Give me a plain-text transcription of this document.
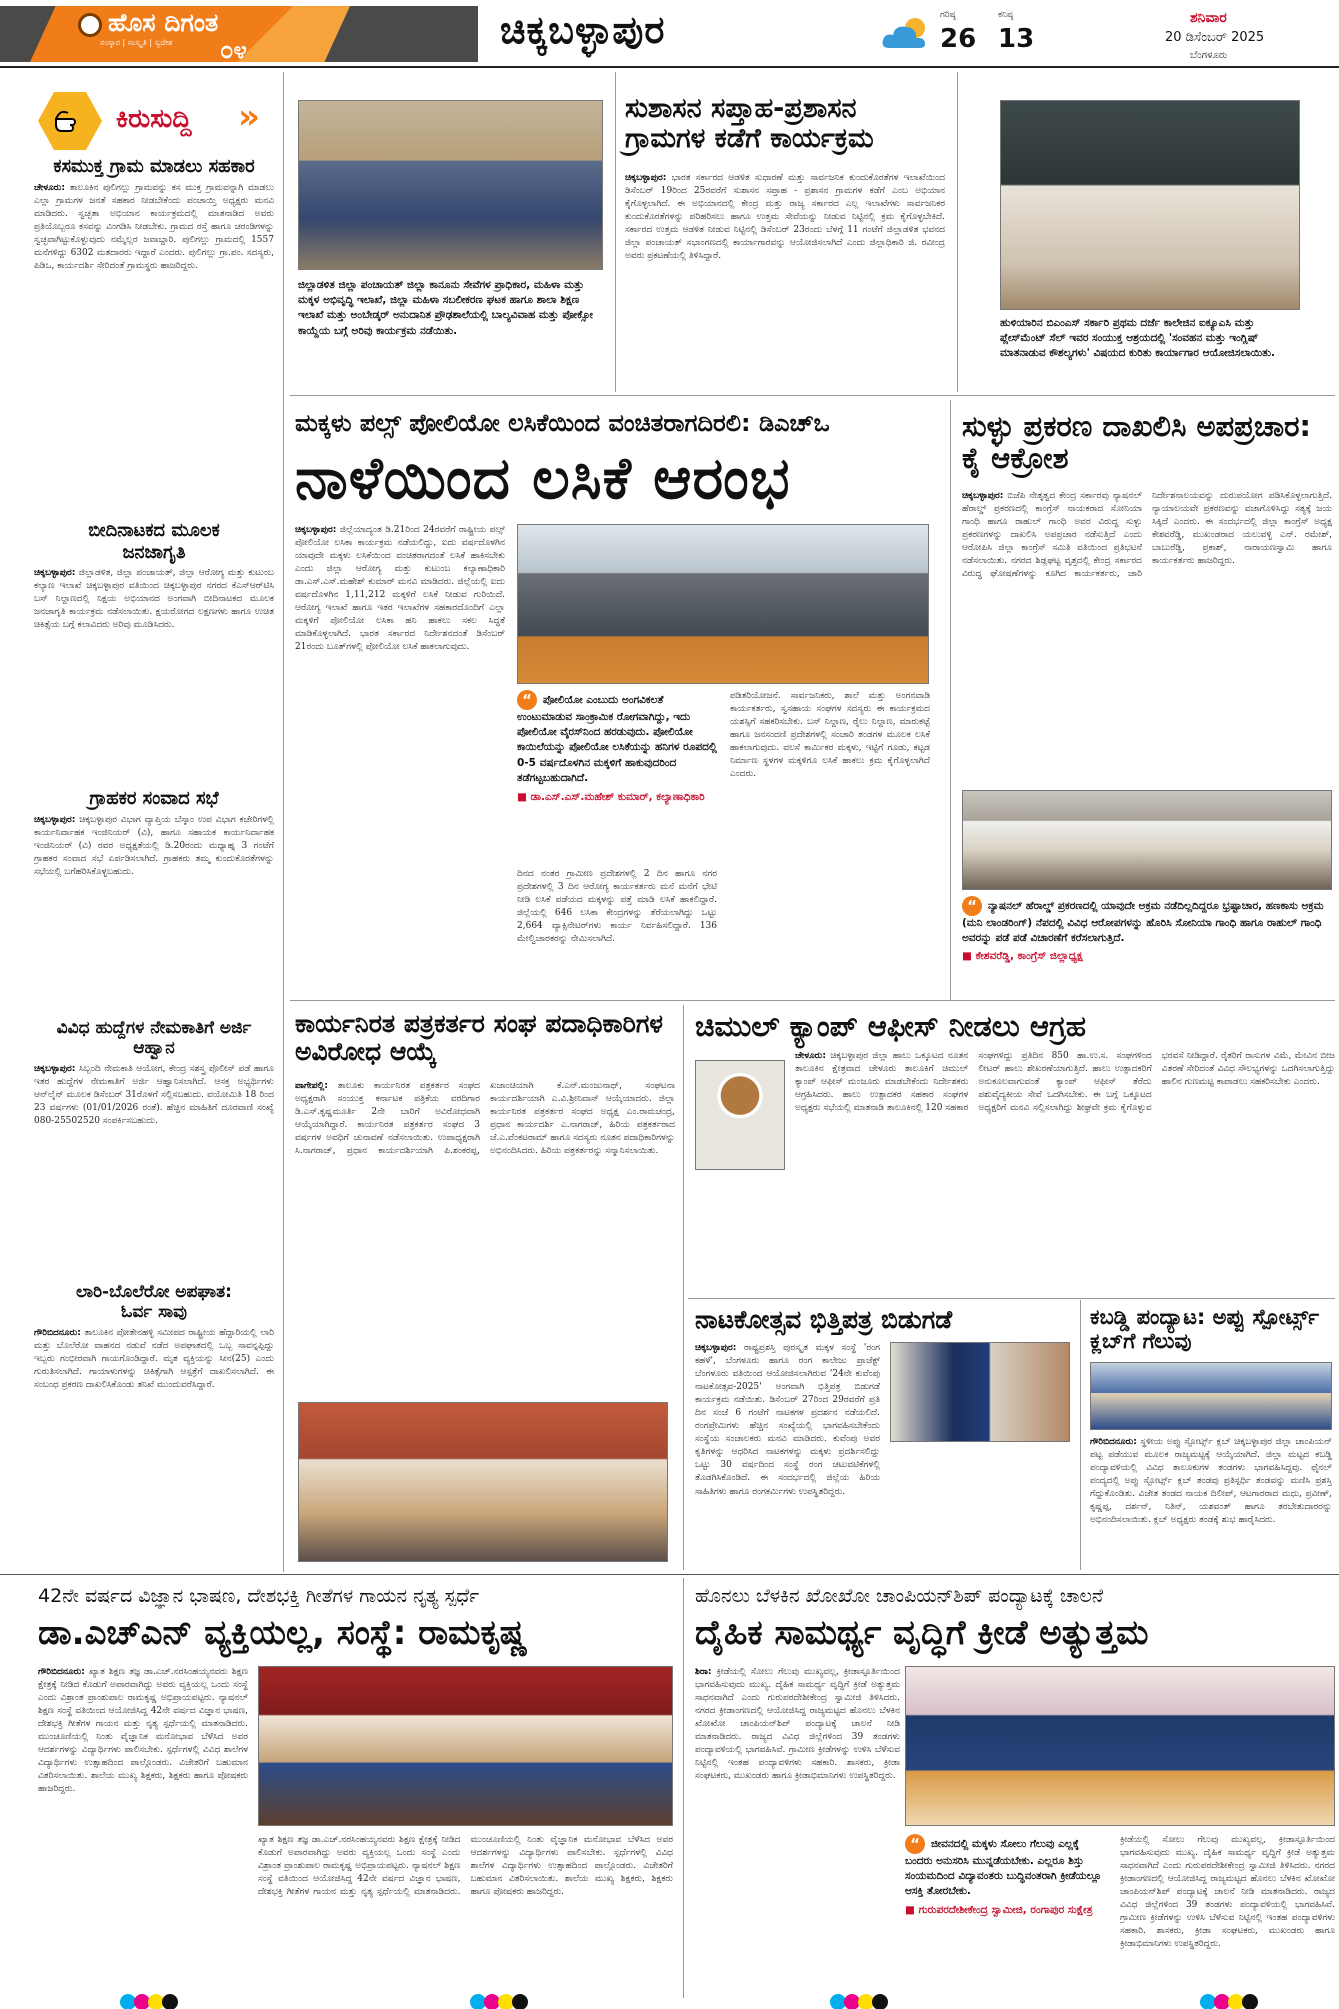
ಹೊಸ ದಿಗಂತ
ಸಂಸ್ಕಾರ | ಸಂಸ್ಕೃತಿ | ಸ್ವದೇಶ ೦೪	ಚಿಕ್ಕಬಳ್ಳಾಪುರ	ಗರಿಷ್ಠ
26
ಕನಿಷ್ಠ
13
ಶನಿವಾರ
20 ಡಿಸೆಂಬರ್ 2025
ಬೆಂಗಳೂರು
ಕಿರುಸುದ್ದಿ »
ಕಸಮುಕ್ತ ಗ್ರಾಮ ಮಾಡಲು ಸಹಕಾರ
ಚೇಳೂರು: ತಾಲೂಕಿನ ಪುಲಿಗಲ್ಲು ಗ್ರಾಮವನ್ನು ಕಸ ಮುಕ್ತ ಗ್ರಾಮವನ್ನಾಗಿ ಮಾಡಲು ಎಲ್ಲಾ ಗ್ರಾಮಗಳ ಜನತೆ ಸಹಕಾರ ನೀಡಬೇಕೆಂದು ಪಂಚಾಯ್ತಿ ಅಧ್ಯಕ್ಷರು ಮನವಿ ಮಾಡಿದರು. ಸ್ವಚ್ಛತಾ ಅಭಿಯಾನ ಕಾರ್ಯಕ್ರಮದಲ್ಲಿ ಮಾತನಾಡಿದ ಅವರು ಪ್ರತಿಯೊಬ್ಬರೂ ಕಸವನ್ನು ವಿಂಗಡಿಸಿ ನೀಡಬೇಕು. ಗ್ರಾಮದ ರಸ್ತೆ ಹಾಗೂ ಚರಂಡಿಗಳನ್ನು ಸ್ವಚ್ಛವಾಗಿಟ್ಟುಕೊಳ್ಳುವುದು ನಮ್ಮೆಲ್ಲರ ಜವಾಬ್ದಾರಿ. ಪುಲಿಗಲ್ಲು ಗ್ರಾಮದಲ್ಲಿ 1557 ಮನೆಗಳಿದ್ದು 6302 ಮತದಾರರು ಇದ್ದಾರೆ ಎಂದರು. ಪುಲಿಗಲ್ಲು ಗ್ರಾ.ಪಂ. ಸದಸ್ಯರು, ಪಿಡಿಒ, ಕಾರ್ಯದರ್ಶಿ ಸೇರಿದಂತೆ ಗ್ರಾಮಸ್ಥರು ಹಾಜರಿದ್ದರು.
ಬೀದಿನಾಟಕದ ಮೂಲಕ ಜನಜಾಗೃತಿ
ಚಿಕ್ಕಬಳ್ಳಾಪುರ: ಜಿಲ್ಲಾಡಳಿತ, ಜಿಲ್ಲಾ ಪಂಚಾಯತ್, ಜಿಲ್ಲಾ ಆರೋಗ್ಯ ಮತ್ತು ಕುಟುಂಬ ಕಲ್ಯಾಣ ಇಲಾಖೆ ಚಿಕ್ಕಬಳ್ಳಾಪುರ ವತಿಯಿಂದ ಚಿಕ್ಕಬಳ್ಳಾಪುರ ನಗರದ ಕೆಎಸ್ಆರ್‌ಟಿಸಿ ಬಸ್ ನಿಲ್ದಾಣದಲ್ಲಿ ನಿಕ್ಷಯ ಅಭಿಯಾನದ ಅಂಗವಾಗಿ ಬೀದಿನಾಟಕದ ಮೂಲಕ ಜನಜಾಗೃತಿ ಕಾರ್ಯಕ್ರಮ ನಡೆಸಲಾಯಿತು. ಕ್ಷಯರೋಗದ ಲಕ್ಷಣಗಳು ಹಾಗೂ ಉಚಿತ ಚಿಕಿತ್ಸೆಯ ಬಗ್ಗೆ ಕಲಾವಿದರು ಅರಿವು ಮೂಡಿಸಿದರು.
ಗ್ರಾಹಕರ ಸಂವಾದ ಸಭೆ
ಚಿಕ್ಕಬಳ್ಳಾಪುರ: ಚಿಕ್ಕಬಳ್ಳಾಪುರ ವಿಭಾಗ ವ್ಯಾಪ್ತಿಯ ಬೆಸ್ಕಾಂ ಉಪ ವಿಭಾಗ ಕಚೇರಿಗಳಲ್ಲಿ ಕಾರ್ಯನಿರ್ವಾಹಕ ಇಂಜಿನಿಯರ್ (ವಿ), ಹಾಗೂ ಸಹಾಯಕ ಕಾರ್ಯನಿರ್ವಾಹಕ ಇಂಜಿನಿಯರ್ (ವಿ) ರವರ ಅಧ್ಯಕ್ಷತೆಯಲ್ಲಿ ಡಿ.20ರಂದು ಮಧ್ಯಾಹ್ನ 3 ಗಂಟೆಗೆ ಗ್ರಾಹಕರ ಸಂವಾದ ಸಭೆ ಏರ್ಪಡಿಸಲಾಗಿದೆ. ಗ್ರಾಹಕರು ತಮ್ಮ ಕುಂದುಕೊರತೆಗಳನ್ನು ಸಭೆಯಲ್ಲಿ ಬಗೆಹರಿಸಿಕೊಳ್ಳಬಹುದು.
ವಿವಿಧ ಹುದ್ದೆಗಳ ನೇಮಕಾತಿಗೆ ಅರ್ಜಿ ಆಹ್ವಾನ
ಚಿಕ್ಕಬಳ್ಳಾಪುರ: ಸಿಬ್ಬಂದಿ ನೇಮಕಾತಿ ಆಯೋಗ, ಕೇಂದ್ರ ಸಶಸ್ತ್ರ ಪೊಲೀಸ್ ಪಡೆ ಹಾಗೂ ಇತರ ಹುದ್ದೆಗಳ ನೇಮಕಾತಿಗೆ ಅರ್ಜಿ ಆಹ್ವಾನಿಸಲಾಗಿದೆ. ಆಸಕ್ತ ಅಭ್ಯರ್ಥಿಗಳು ಆನ್‌ಲೈನ್ ಮೂಲಕ ಡಿಸೆಂಬರ್ 31ರೊಳಗೆ ಸಲ್ಲಿಸಬಹುದು. ವಯೋಮಿತಿ 18 ರಿಂದ 23 ವರ್ಷಗಳು (01/01/2026 ರಂತೆ). ಹೆಚ್ಚಿನ ಮಾಹಿತಿಗೆ ದೂರವಾಣಿ ಸಂಖ್ಯೆ 080-25502520 ಸಂಪರ್ಕಿಸಬಹುದು.
ಲಾರಿ-ಬೊಲೆರೋ ಅಪಘಾತ: ಓರ್ವ ಸಾವು
ಗೌರಿಬಿದನೂರು: ತಾಲೂಕಿನ ಪೋತೇನಹಳ್ಳಿ ಸಮೀಪದ ರಾಷ್ಟ್ರೀಯ ಹೆದ್ದಾರಿಯಲ್ಲಿ ಲಾರಿ ಮತ್ತು ಬೊಲೆರೋ ವಾಹನದ ನಡುವೆ ನಡೆದ ಅಪಘಾತದಲ್ಲಿ ಒಬ್ಬ ಸಾವನ್ನಪ್ಪಿದ್ದು ಇಬ್ಬರು ಗಂಭೀರವಾಗಿ ಗಾಯಗೊಂಡಿದ್ದಾರೆ. ಮೃತ ವ್ಯಕ್ತಿಯನ್ನು ಸೀನ(25) ಎಂದು ಗುರುತಿಸಲಾಗಿದೆ. ಗಾಯಾಳುಗಳನ್ನು ಚಿಕಿತ್ಸೆಗಾಗಿ ಆಸ್ಪತ್ರೆಗೆ ದಾಖಲಿಸಲಾಗಿದೆ. ಈ ಸಂಬಂಧ ಪ್ರಕರಣ ದಾಖಲಿಸಿಕೊಂಡು ತನಿಖೆ ಮುಂದುವರೆಸಿದ್ದಾರೆ.
ಜಿಲ್ಲಾಡಳಿತ ಜಿಲ್ಲಾ ಪಂಚಾಯತ್ ಜಿಲ್ಲಾ ಕಾನೂನು ಸೇವೆಗಳ ಪ್ರಾಧಿಕಾರ, ಮಹಿಳಾ ಮತ್ತು ಮಕ್ಕಳ ಅಭಿವೃದ್ಧಿ ಇಲಾಖೆ, ಜಿಲ್ಲಾ ಮಹಿಳಾ ಸಬಲೀಕರಣ ಘಟಕ ಹಾಗೂ ಶಾಲಾ ಶಿಕ್ಷಣ ಇಲಾಖೆ ಮತ್ತು ಅಂಬೇಡ್ಕರ್ ಅನುದಾನಿತ ಪ್ರೌಢಶಾಲೆಯಲ್ಲಿ ಬಾಲ್ಯವಿವಾಹ ಮತ್ತು ಪೋಕ್ಸೋ ಕಾಯ್ದೆಯ ಬಗ್ಗೆ ಅರಿವು ಕಾರ್ಯಕ್ರಮ ನಡೆಯಿತು.
ಸುಶಾಸನ ಸಪ್ತಾಹ-ಪ್ರಶಾಸನ ಗ್ರಾಮಗಳ ಕಡೆಗೆ ಕಾರ್ಯಕ್ರಮ
ಚಿಕ್ಕಬಳ್ಳಾಪುರ: ಭಾರತ ಸರ್ಕಾರದ ಆಡಳಿತ ಸುಧಾರಣೆ ಮತ್ತು ಸಾರ್ವಜನಿಕ ಕುಂದುಕೊರತೆಗಳ ಇಲಾಖೆಯಿಂದ ಡಿಸೆಂಬರ್ 19ರಿಂದ 25ರವರೆಗೆ ಸುಶಾಸನ ಸಪ್ತಾಹ - ಪ್ರಶಾಸನ ಗ್ರಾಮಗಳ ಕಡೆಗೆ ಎಂಬ ಅಭಿಯಾನ ಕೈಗೊಳ್ಳಲಾಗಿದೆ. ಈ ಅಭಿಯಾನದಲ್ಲಿ ಕೇಂದ್ರ ಮತ್ತು ರಾಜ್ಯ ಸರ್ಕಾರದ ಎಲ್ಲ ಇಲಾಖೆಗಳು ಸಾರ್ವಜನಿಕರ ಕುಂದುಕೊರತೆಗಳನ್ನು ಪರಿಹರಿಸಲು ಹಾಗೂ ಉತ್ತಮ ಸೇವೆಯನ್ನು ನೀಡುವ ನಿಟ್ಟಿನಲ್ಲಿ ಕ್ರಮ ಕೈಗೊಳ್ಳಬೇಕಿದೆ. ಸರ್ಕಾರದ ಉತ್ತಮ ಆಡಳಿತ ನೀಡುವ ನಿಟ್ಟಿನಲ್ಲಿ ಡಿಸೆಂಬರ್ 23ರಂದು ಬೆಳಗ್ಗೆ 11 ಗಂಟೆಗೆ ಜಿಲ್ಲಾಡಳಿತ ಭವನದ ಜಿಲ್ಲಾ ಪಂಚಾಯತ್ ಸಭಾಂಗಣದಲ್ಲಿ ಕಾರ್ಯಾಗಾರವನ್ನು ಆಯೋಜಿಸಲಾಗಿದೆ ಎಂದು ಜಿಲ್ಲಾಧಿಕಾರಿ ಜಿ. ರವೀಂದ್ರ ಅವರು ಪ್ರಕಟಣೆಯಲ್ಲಿ ತಿಳಿಸಿದ್ದಾರೆ.
ಹುಳಿಯಾರಿನ ಬಿಎಂಎಸ್ ಸರ್ಕಾರಿ ಪ್ರಥಮ ದರ್ಜೆ ಕಾಲೇಜಿನ ಐಕ್ಯೂಎಸಿ ಮತ್ತು ಪ್ಲೇಸ್‌ಮೆಂಟ್ ಸೆಲ್ ಇವರ ಸಂಯುಕ್ತ ಆಶ್ರಯದಲ್ಲಿ 'ಸಂವಹನ ಮತ್ತು ಇಂಗ್ಲಿಷ್ ಮಾತನಾಡುವ ಕೌಶಲ್ಯಗಳು' ವಿಷಯದ ಕುರಿತು ಕಾರ್ಯಾಗಾರ ಆಯೋಜಿಸಲಾಯಿತು.
ಮಕ್ಕಳು ಪಲ್ಸ್ ಪೋಲಿಯೋ ಲಸಿಕೆಯಿಂದ ವಂಚಿತರಾಗದಿರಲಿ: ಡಿಎಚ್ಒ
ನಾಳೆಯಿಂದ ಲಸಿಕೆ ಆರಂಭ
ಚಿಕ್ಕಬಳ್ಳಾಪುರ: ಜಿಲ್ಲೆಯಾದ್ಯಂತ ಡಿ.21ರಿಂದ 24ರವರೆಗೆ ರಾಷ್ಟ್ರೀಯ ಪಲ್ಸ್ ಪೋಲಿಯೋ ಲಸಿಕಾ ಕಾರ್ಯಕ್ರಮ ನಡೆಯಲಿದ್ದು, ಐದು ವರ್ಷದೊಳಗಿನ ಯಾವುದೇ ಮಕ್ಕಳು ಲಸಿಕೆಯಿಂದ ವಂಚಿತರಾಗದಂತೆ ಲಸಿಕೆ ಹಾಕಿಸಬೇಕು ಎಂದು ಜಿಲ್ಲಾ ಆರೋಗ್ಯ ಮತ್ತು ಕುಟುಂಬ ಕಲ್ಯಾಣಾಧಿಕಾರಿ ಡಾ.ಎಸ್.ಎಸ್.ಮಹೇಶ್ ಕುಮಾರ್ ಮನವಿ ಮಾಡಿದರು. ಜಿಲ್ಲೆಯಲ್ಲಿ ಐದು ವರ್ಷದೊಳಗಿನ 1,11,212 ಮಕ್ಕಳಿಗೆ ಲಸಿಕೆ ನೀಡುವ ಗುರಿಯಿದೆ. ಆರೋಗ್ಯ ಇಲಾಖೆ ಹಾಗೂ ಇತರ ಇಲಾಖೆಗಳ ಸಹಕಾರದೊಂದಿಗೆ ಎಲ್ಲಾ ಮಕ್ಕಳಿಗೆ ಪೋಲಿಯೋ ಲಸಿಕಾ ಹನಿ ಹಾಕಲು ಸಕಲ ಸಿದ್ಧತೆ ಮಾಡಿಕೊಳ್ಳಲಾಗಿದೆ. ಭಾರತ ಸರ್ಕಾರದ ನಿರ್ದೇಶನದಂತೆ ಡಿಸೆಂಬರ್ 21ರಂದು ಬೂತ್‌ಗಳಲ್ಲಿ ಪೋಲಿಯೋ ಲಸಿಕೆ ಹಾಕಲಾಗುವುದು.
“ ಪೋಲಿಯೋ ಎಂಬುದು ಅಂಗವಿಕಲತೆ ಉಂಟುಮಾಡುವ ಸಾಂಕ್ರಾಮಿಕ ರೋಗವಾಗಿದ್ದು, ಇದು ಪೋಲಿಯೋ ವೈರಸ್‌ನಿಂದ ಹರಡುವುದು. ಪೋಲಿಯೋ ಕಾಯಿಲೆಯನ್ನು ಪೋಲಿಯೋ ಲಸಿಕೆಯನ್ನು ಹನಿಗಳ ರೂಪದಲ್ಲಿ 0-5 ವರ್ಷದೊಳಗಿನ ಮಕ್ಕಳಿಗೆ ಹಾಕುವುದರಿಂದ ತಡೆಗಟ್ಟಬಹುದಾಗಿದೆ.
■ ಡಾ.ಎಸ್.ಎಸ್.ಮಹೇಶ್ ಕುಮಾರ್, ಕಲ್ಯಾಣಾಧಿಕಾರಿ
ದಿನದ ನಂತರ ಗ್ರಾಮೀಣ ಪ್ರದೇಶಗಳಲ್ಲಿ 2 ದಿನ ಹಾಗೂ ನಗರ ಪ್ರದೇಶಗಳಲ್ಲಿ 3 ದಿನ ಆರೋಗ್ಯ ಕಾರ್ಯಕರ್ತರು ಮನೆ ಮನೆಗೆ ಭೇಟಿ ನೀಡಿ ಲಸಿಕೆ ಪಡೆಯದ ಮಕ್ಕಳನ್ನು ಪತ್ತೆ ಮಾಡಿ ಲಸಿಕೆ ಹಾಕಲಿದ್ದಾರೆ. ಜಿಲ್ಲೆಯಲ್ಲಿ 646 ಲಸಿಕಾ ಕೇಂದ್ರಗಳನ್ನು ತೆರೆಯಲಾಗಿದ್ದು ಒಟ್ಟು 2,664 ವ್ಯಾಕ್ಸಿನೇಟರ್‌ಗಳು ಕಾರ್ಯ ನಿರ್ವಹಿಸಲಿದ್ದಾರೆ. 136 ಮೇಲ್ವಿಚಾರಕರನ್ನು ನೇಮಿಸಲಾಗಿದೆ.
ಪಡಿತರಿಯೋಜನೆ. ಸಾರ್ವಜನಿಕರು, ಶಾಲೆ ಮತ್ತು ಅಂಗನವಾಡಿ ಕಾರ್ಯಕರ್ತರು, ಸ್ವಸಹಾಯ ಸಂಘಗಳ ಸದಸ್ಯರು ಈ ಕಾರ್ಯಕ್ರಮದ ಯಶಸ್ಸಿಗೆ ಸಹಕರಿಸಬೇಕು. ಬಸ್ ನಿಲ್ದಾಣ, ರೈಲು ನಿಲ್ದಾಣ, ಮಾರುಕಟ್ಟೆ ಹಾಗೂ ಜನಸಂದಣಿ ಪ್ರದೇಶಗಳಲ್ಲಿ ಸಂಚಾರಿ ತಂಡಗಳ ಮೂಲಕ ಲಸಿಕೆ ಹಾಕಲಾಗುವುದು. ವಲಸೆ ಕಾರ್ಮಿಕರ ಮಕ್ಕಳು, ಇಟ್ಟಿಗೆ ಗೂಡು, ಕಟ್ಟಡ ನಿರ್ಮಾಣ ಸ್ಥಳಗಳ ಮಕ್ಕಳಿಗೂ ಲಸಿಕೆ ಹಾಕಲು ಕ್ರಮ ಕೈಗೊಳ್ಳಲಾಗಿದೆ ಎಂದರು.
ಸುಳ್ಳು ಪ್ರಕರಣ ದಾಖಲಿಸಿ ಅಪಪ್ರಚಾರ: ಕೈ ಆಕ್ರೋಶ
ಚಿಕ್ಕಬಳ್ಳಾಪುರ: ಬಿಜೆಪಿ ನೇತೃತ್ವದ ಕೇಂದ್ರ ಸರ್ಕಾರವು ನ್ಯಾಷನಲ್ ಹೆರಾಲ್ಡ್ ಪ್ರಕರಣದಲ್ಲಿ ಕಾಂಗ್ರೆಸ್ ನಾಯಕರಾದ ಸೋನಿಯಾ ಗಾಂಧಿ ಹಾಗೂ ರಾಹುಲ್ ಗಾಂಧಿ ಅವರ ವಿರುದ್ಧ ಸುಳ್ಳು ಪ್ರಕರಣಗಳನ್ನು ದಾಖಲಿಸಿ ಅಪಪ್ರಚಾರ ನಡೆಸುತ್ತಿದೆ ಎಂದು ಆರೋಪಿಸಿ ಜಿಲ್ಲಾ ಕಾಂಗ್ರೆಸ್ ಸಮಿತಿ ವತಿಯಿಂದ ಪ್ರತಿಭಟನೆ ನಡೆಸಲಾಯಿತು. ನಗರದ ಶಿಡ್ಲಘಟ್ಟ ವೃತ್ತದಲ್ಲಿ ಕೇಂದ್ರ ಸರ್ಕಾರದ ವಿರುದ್ಧ ಘೋಷಣೆಗಳನ್ನು ಕೂಗಿದ ಕಾರ್ಯಕರ್ತರು, ಜಾರಿ ನಿರ್ದೇಶನಾಲಯವನ್ನು ದುರುಪಯೋಗ ಪಡಿಸಿಕೊಳ್ಳಲಾಗುತ್ತಿದೆ. ನ್ಯಾಯಾಲಯವೇ ಪ್ರಕರಣವನ್ನು ವಜಾಗೊಳಿಸಿದ್ದು ಸತ್ಯಕ್ಕೆ ಜಯ ಸಿಕ್ಕಿದೆ ಎಂದರು. ಈ ಸಂದರ್ಭದಲ್ಲಿ ಜಿಲ್ಲಾ ಕಾಂಗ್ರೆಸ್ ಅಧ್ಯಕ್ಷ ಕೇಶವರೆಡ್ಡಿ, ಮುಖಂಡರಾದ ಯಲುವಳ್ಳಿ ಎನ್. ರಮೇಶ್, ಬಾಬುರೆಡ್ಡಿ, ಪ್ರಕಾಶ್, ನಾರಾಯಣಸ್ವಾಮಿ ಹಾಗೂ ಕಾರ್ಯಕರ್ತರು ಹಾಜರಿದ್ದರು.
“ ನ್ಯಾಷನಲ್ ಹೆರಾಲ್ಡ್ ಪ್ರಕರಣದಲ್ಲಿ ಯಾವುದೇ ಅಕ್ರಮ ನಡೆದಿಲ್ಲದಿದ್ದರೂ ಭ್ರಷ್ಟಾಚಾರ, ಹಣಕಾಸು ಅಕ್ರಮ (ಮನಿ ಲಾಂಡರಿಂಗ್) ನೆಪದಲ್ಲಿ ವಿವಿಧ ಆರೋಪಗಳನ್ನು ಹೊರಿಸಿ ಸೋನಿಯಾ ಗಾಂಧಿ ಹಾಗೂ ರಾಹುಲ್ ಗಾಂಧಿ ಅವರನ್ನು ಪಡೆ ಪಡೆ ವಿಚಾರಣೆಗೆ ಕರೆಸಲಾಗುತ್ತಿದೆ.
■ ಕೇಶವರೆಡ್ಡಿ, ಕಾಂಗ್ರೆಸ್ ಜಿಲ್ಲಾಧ್ಯಕ್ಷ
ಕಾರ್ಯನಿರತ ಪತ್ರಕರ್ತರ ಸಂಘ ಪದಾಧಿಕಾರಿಗಳ ಅವಿರೋಧ ಆಯ್ಕೆ
ಪಾಗೇಪಲ್ಲಿ: ತಾಲೂಕು ಕಾರ್ಯನಿರತ ಪತ್ರಕರ್ತರ ಸಂಘದ ಅಧ್ಯಕ್ಷರಾಗಿ ಸಂಯುಕ್ತ ಕರ್ನಾಟಕ ಪತ್ರಿಕೆಯ ವರದಿಗಾರ ಡಿ.ಎಸ್.ಕೃಷ್ಣಮೂರ್ತಿ 2ನೇ ಬಾರಿಗೆ ಅವಿರೋಧವಾಗಿ ಆಯ್ಕೆಯಾಗಿದ್ದಾರೆ. ಕಾರ್ಯನಿರತ ಪತ್ರಕರ್ತರ ಸಂಘದ 3 ವರ್ಷಗಳ ಅವಧಿಗೆ ಚುನಾವಣೆ ನಡೆಸಲಾಯಿತು. ಉಪಾಧ್ಯಕ್ಷರಾಗಿ ಸಿ.ನಾಗರಾಜ್, ಪ್ರಧಾನ ಕಾರ್ಯದರ್ಶಿಯಾಗಿ ಪಿ.ಶಂಕರಪ್ಪ, ಖಜಾಂಚಿಯಾಗಿ ಕೆ.ಎನ್.ಮಂಜುನಾಥ್, ಸಂಘಟನಾ ಕಾರ್ಯದರ್ಶಿಯಾಗಿ ಎ.ವಿ.ಶ್ರೀನಿವಾಸ್ ಆಯ್ಕೆಯಾದರು. ಜಿಲ್ಲಾ ಕಾರ್ಯನಿರತ ಪತ್ರಕರ್ತರ ಸಂಘದ ಅಧ್ಯಕ್ಷ ಎಂ.ರಾಮಚಂದ್ರ, ಪ್ರಧಾನ ಕಾರ್ಯದರ್ಶಿ ಎ.ನಾಗರಾಜ್, ಹಿರಿಯ ಪತ್ರಕರ್ತರಾದ ಜೆ.ಎ.ವೆಂಕಟರಾಮ್ ಹಾಗೂ ಸದಸ್ಯರು ನೂತನ ಪದಾಧಿಕಾರಿಗಳನ್ನು ಅಭಿನಂದಿಸಿದರು. ಹಿರಿಯ ಪತ್ರಕರ್ತರನ್ನು ಸನ್ಮಾನಿಸಲಾಯಿತು.
ಚಿಮುಲ್ ಕ್ಯಾಂಪ್ ಆಫೀಸ್ ನೀಡಲು ಆಗ್ರಹ
ಚೇಳೂರು: ಚಿಕ್ಕಬಳ್ಳಾಪುರ ಜಿಲ್ಲಾ ಹಾಲು ಒಕ್ಕೂಟದ ನೂತನ ತಾಲೂಕಿನ ಕ್ಷೇತ್ರವಾದ ಚೇಳೂರು ತಾಲೂಕಿಗೆ ಚಿಮುಲ್ ಕ್ಯಾಂಪ್ ಆಫೀಸ್ ಮಂಜೂರು ಮಾಡಬೇಕೆಂದು ನಿರ್ದೇಶಕರು ಆಗ್ರಹಿಸಿದರು. ಹಾಲು ಉತ್ಪಾದಕರ ಸಹಕಾರ ಸಂಘಗಳ ಅಧ್ಯಕ್ಷರು ಸಭೆಯಲ್ಲಿ ಮಾತನಾಡಿ ತಾಲೂಕಿನಲ್ಲಿ 120 ಸಹಕಾರ ಸಂಘಗಳಿದ್ದು ಪ್ರತಿದಿನ 850 ಹಾ.ಉ.ಸ. ಸಂಘಗಳಿಂದ ಲೀಟರ್ ಹಾಲು ಶೇಖರಣೆಯಾಗುತ್ತಿದೆ. ಹಾಲು ಉತ್ಪಾದಕರಿಗೆ ಅನುಕೂಲವಾಗುವಂತೆ ಕ್ಯಾಂಪ್ ಆಫೀಸ್ ತೆರೆದು ಪಶುವೈದ್ಯಕೀಯ ಸೇವೆ ಒದಗಿಸಬೇಕು. ಈ ಬಗ್ಗೆ ಒಕ್ಕೂಟದ ಅಧ್ಯಕ್ಷರಿಗೆ ಮನವಿ ಸಲ್ಲಿಸಲಾಗಿದ್ದು ಶೀಘ್ರವೇ ಕ್ರಮ ಕೈಗೊಳ್ಳುವ ಭರವಸೆ ನೀಡಿದ್ದಾರೆ. ರೈತರಿಗೆ ರಾಸುಗಳ ವಿಮೆ, ಮೇವಿನ ಬೀಜ ವಿತರಣೆ ಸೇರಿದಂತೆ ವಿವಿಧ ಸೌಲಭ್ಯಗಳನ್ನು ಒದಗಿಸಲಾಗುತ್ತಿದ್ದು ಹಾಲಿನ ಗುಣಮಟ್ಟ ಕಾಪಾಡಲು ಸಹಕರಿಸಬೇಕು ಎಂದರು.
ನಾಟಕೋತ್ಸವ ಭಿತ್ತಿಪತ್ರ ಬಿಡುಗಡೆ
ಚಿಕ್ಕಬಳ್ಳಾಪುರ: ರಾಷ್ಟ್ರಪ್ರಶಸ್ತಿ ಪುರಸ್ಕೃತ ಮಕ್ಕಳ ಸಂಸ್ಥೆ 'ರಂಗ ಕಹಳೆ', ಬೆಂಗಳೂರು ಹಾಗೂ ರಂಗ ಕಾಲೇಜು ಪ್ರಾಜೆಕ್ಟ್ ಬೆಂಗಳೂರು ವತಿಯಿಂದ ಆಯೋಜಿಸಲಾಗಿರುವ '24ನೇ ಕುವೆಂಪು ನಾಟಕೋತ್ಸವ-2025' ಅಂಗವಾಗಿ ಭಿತ್ತಿಪತ್ರ ಬಿಡುಗಡೆ ಕಾರ್ಯಕ್ರಮ ನಡೆಯಿತು. ಡಿಸೆಂಬರ್ 27ರಿಂದ 29ರವರೆಗೆ ಪ್ರತಿ ದಿನ ಸಂಜೆ 6 ಗಂಟೆಗೆ ನಾಟಕಗಳ ಪ್ರದರ್ಶನ ನಡೆಯಲಿದೆ. ರಂಗಪ್ರೇಮಿಗಳು ಹೆಚ್ಚಿನ ಸಂಖ್ಯೆಯಲ್ಲಿ ಭಾಗವಹಿಸಬೇಕೆಂದು ಸಂಸ್ಥೆಯ ಸಂಚಾಲಕರು ಮನವಿ ಮಾಡಿದರು. ಕುವೆಂಪು ಅವರ ಕೃತಿಗಳನ್ನು ಆಧರಿಸಿದ ನಾಟಕಗಳನ್ನು ಮಕ್ಕಳು ಪ್ರದರ್ಶಿಸಲಿದ್ದು ಒಟ್ಟು 30 ವರ್ಷದಿಂದ ಸಂಸ್ಥೆ ರಂಗ ಚಟುವಟಿಕೆಗಳಲ್ಲಿ ತೊಡಗಿಸಿಕೊಂಡಿದೆ. ಈ ಸಂದರ್ಭದಲ್ಲಿ ಜಿಲ್ಲೆಯ ಹಿರಿಯ ಸಾಹಿತಿಗಳು ಹಾಗೂ ರಂಗಕರ್ಮಿಗಳು ಉಪಸ್ಥಿತರಿದ್ದರು.
ಕಬಡ್ಡಿ ಪಂದ್ಯಾಟ: ಅಪ್ಪು ಸ್ಪೋರ್ಟ್ಸ್ ಕ್ಲಬ್‌ಗೆ ಗೆಲುವು
ಗೌರಿಬಿದನೂರು: ಸ್ಥಳೀಯ ಅಪ್ಪು ಸ್ಪೋರ್ಟ್ಸ್ ಕ್ಲಬ್ ಚಿಕ್ಕಬಳ್ಳಾಪುರ ಜಿಲ್ಲಾ ಚಾಂಪಿಯನ್ ಪಟ್ಟ ಪಡೆಯುವ ಮೂಲಕ ರಾಜ್ಯಮಟ್ಟಕ್ಕೆ ಆಯ್ಕೆಯಾಗಿದೆ. ಜಿಲ್ಲಾ ಮಟ್ಟದ ಕಬಡ್ಡಿ ಪಂದ್ಯಾವಳಿಯಲ್ಲಿ ವಿವಿಧ ತಾಲೂಕುಗಳ ತಂಡಗಳು ಭಾಗವಹಿಸಿದ್ದವು. ಫೈನಲ್ ಪಂದ್ಯದಲ್ಲಿ ಅಪ್ಪು ಸ್ಪೋರ್ಟ್ಸ್ ಕ್ಲಬ್ ತಂಡವು ಪ್ರತಿಸ್ಪರ್ಧಿ ತಂಡವನ್ನು ಮಣಿಸಿ ಪ್ರಶಸ್ತಿ ಗೆದ್ದುಕೊಂಡಿತು. ವಿಜೇತ ತಂಡದ ನಾಯಕ ದಿಲೀಪ್, ಆಟಗಾರರಾದ ಮಧು, ಪ್ರವೀಣ್, ಕೃಷ್ಣಪ್ಪ, ದರ್ಶನ್, ನಿತಿನ್, ಯಶವಂತ್ ಹಾಗೂ ತರಬೇತುದಾರರನ್ನು ಅಭಿನಂದಿಸಲಾಯಿತು. ಕ್ಲಬ್ ಅಧ್ಯಕ್ಷರು ತಂಡಕ್ಕೆ ಶುಭ ಹಾರೈಸಿದರು.
42ನೇ ವರ್ಷದ ವಿಜ್ಞಾನ ಭಾಷಣ, ದೇಶಭಕ್ತಿ ಗೀತೆಗಳ ಗಾಯನ ನೃತ್ಯ ಸ್ಪರ್ಧೆ
ಡಾ.ಎಚ್ಎನ್ ವ್ಯಕ್ತಿಯಲ್ಲ, ಸಂಸ್ಥೆ: ರಾಮಕೃಷ್ಣ
ಗೌರಿಬಿದನೂರು: ಖ್ಯಾತ ಶಿಕ್ಷಣ ತಜ್ಞ ಡಾ.ಎಚ್.ನರಸಿಂಹಯ್ಯನವರು ಶಿಕ್ಷಣ ಕ್ಷೇತ್ರಕ್ಕೆ ನೀಡಿದ ಕೊಡುಗೆ ಅಪಾರವಾಗಿದ್ದು ಅವರು ವ್ಯಕ್ತಿಯಲ್ಲ ಒಂದು ಸಂಸ್ಥೆ ಎಂದು ವಿಶ್ರಾಂತ ಪ್ರಾಂಶುಪಾಲ ರಾಮಕೃಷ್ಣ ಅಭಿಪ್ರಾಯಪಟ್ಟರು. ನ್ಯಾಷನಲ್ ಶಿಕ್ಷಣ ಸಂಸ್ಥೆ ವತಿಯಿಂದ ಆಯೋಜಿಸಿದ್ದ 42ನೇ ವರ್ಷದ ವಿಜ್ಞಾನ ಭಾಷಣ, ದೇಶಭಕ್ತಿ ಗೀತೆಗಳ ಗಾಯನ ಮತ್ತು ನೃತ್ಯ ಸ್ಪರ್ಧೆಯಲ್ಲಿ ಮಾತನಾಡಿದರು. ಮುಂಚೂಣಿಯಲ್ಲಿ ನಿಂತು ವೈಜ್ಞಾನಿಕ ಮನೋಭಾವ ಬೆಳೆಸಿದ ಅವರ ಆದರ್ಶಗಳನ್ನು ವಿದ್ಯಾರ್ಥಿಗಳು ಪಾಲಿಸಬೇಕು. ಸ್ಪರ್ಧೆಗಳಲ್ಲಿ ವಿವಿಧ ಶಾಲೆಗಳ ವಿದ್ಯಾರ್ಥಿಗಳು ಉತ್ಸಾಹದಿಂದ ಪಾಲ್ಗೊಂಡರು. ವಿಜೇತರಿಗೆ ಬಹುಮಾನ ವಿತರಿಸಲಾಯಿತು. ಶಾಲೆಯ ಮುಖ್ಯ ಶಿಕ್ಷಕರು, ಶಿಕ್ಷಕರು ಹಾಗೂ ಪೋಷಕರು ಹಾಜರಿದ್ದರು.
ಖ್ಯಾತ ಶಿಕ್ಷಣ ತಜ್ಞ ಡಾ.ಎಚ್.ನರಸಿಂಹಯ್ಯನವರು ಶಿಕ್ಷಣ ಕ್ಷೇತ್ರಕ್ಕೆ ನೀಡಿದ ಕೊಡುಗೆ ಅಪಾರವಾಗಿದ್ದು ಅವರು ವ್ಯಕ್ತಿಯಲ್ಲ ಒಂದು ಸಂಸ್ಥೆ ಎಂದು ವಿಶ್ರಾಂತ ಪ್ರಾಂಶುಪಾಲ ರಾಮಕೃಷ್ಣ ಅಭಿಪ್ರಾಯಪಟ್ಟರು. ನ್ಯಾಷನಲ್ ಶಿಕ್ಷಣ ಸಂಸ್ಥೆ ವತಿಯಿಂದ ಆಯೋಜಿಸಿದ್ದ 42ನೇ ವರ್ಷದ ವಿಜ್ಞಾನ ಭಾಷಣ, ದೇಶಭಕ್ತಿ ಗೀತೆಗಳ ಗಾಯನ ಮತ್ತು ನೃತ್ಯ ಸ್ಪರ್ಧೆಯಲ್ಲಿ ಮಾತನಾಡಿದರು. ಮುಂಚೂಣಿಯಲ್ಲಿ ನಿಂತು ವೈಜ್ಞಾನಿಕ ಮನೋಭಾವ ಬೆಳೆಸಿದ ಅವರ ಆದರ್ಶಗಳನ್ನು ವಿದ್ಯಾರ್ಥಿಗಳು ಪಾಲಿಸಬೇಕು. ಸ್ಪರ್ಧೆಗಳಲ್ಲಿ ವಿವಿಧ ಶಾಲೆಗಳ ವಿದ್ಯಾರ್ಥಿಗಳು ಉತ್ಸಾಹದಿಂದ ಪಾಲ್ಗೊಂಡರು. ವಿಜೇತರಿಗೆ ಬಹುಮಾನ ವಿತರಿಸಲಾಯಿತು. ಶಾಲೆಯ ಮುಖ್ಯ ಶಿಕ್ಷಕರು, ಶಿಕ್ಷಕರು ಹಾಗೂ ಪೋಷಕರು ಹಾಜರಿದ್ದರು.
ಹೊನಲು ಬೆಳಕಿನ ಖೋಖೋ ಚಾಂಪಿಯನ್‌ಶಿಪ್ ಪಂದ್ಯಾಟಕ್ಕೆ ಚಾಲನೆ
ದೈಹಿಕ ಸಾಮರ್ಥ್ಯ ವೃದ್ಧಿಗೆ ಕ್ರೀಡೆ ಅತ್ಯುತ್ತಮ
ಶಿರಾ: ಕ್ರೀಡೆಯಲ್ಲಿ ಸೋಲು ಗೆಲುವು ಮುಖ್ಯವಲ್ಲ, ಕ್ರೀಡಾಸ್ಫೂರ್ತಿಯಿಂದ ಭಾಗವಹಿಸುವುದು ಮುಖ್ಯ. ದೈಹಿಕ ಸಾಮರ್ಥ್ಯ ವೃದ್ಧಿಗೆ ಕ್ರೀಡೆ ಅತ್ಯುತ್ತಮ ಸಾಧನವಾಗಿದೆ ಎಂದು ಗುರುಪರದೇಶೀಕೇಂದ್ರ ಸ್ವಾಮೀಜಿ ತಿಳಿಸಿದರು. ನಗರದ ಕ್ರೀಡಾಂಗಣದಲ್ಲಿ ಆಯೋಜಿಸಿದ್ದ ರಾಜ್ಯಮಟ್ಟದ ಹೊನಲು ಬೆಳಕಿನ ಖೋಖೋ ಚಾಂಪಿಯನ್‌ಶಿಪ್ ಪಂದ್ಯಾಟಕ್ಕೆ ಚಾಲನೆ ನೀಡಿ ಮಾತನಾಡಿದರು. ರಾಜ್ಯದ ವಿವಿಧ ಜಿಲ್ಲೆಗಳಿಂದ 39 ತಂಡಗಳು ಪಂದ್ಯಾವಳಿಯಲ್ಲಿ ಭಾಗವಹಿಸಿವೆ. ಗ್ರಾಮೀಣ ಕ್ರೀಡೆಗಳನ್ನು ಉಳಿಸಿ ಬೆಳೆಸುವ ನಿಟ್ಟಿನಲ್ಲಿ ಇಂತಹ ಪಂದ್ಯಾವಳಿಗಳು ಸಹಕಾರಿ. ಶಾಸಕರು, ಕ್ರೀಡಾ ಸಂಘಟಕರು, ಮುಖಂಡರು ಹಾಗೂ ಕ್ರೀಡಾಭಿಮಾನಿಗಳು ಉಪಸ್ಥಿತರಿದ್ದರು.
“ ಜೀವನದಲ್ಲಿ ಮಕ್ಕಳು ಸೋಲು ಗೆಲುವು ಎಲ್ಲಕ್ಕೆ ಬಂದರು ಅನುಸರಿಸಿ ಮುನ್ನಡೆಯಬೇಕು. ಎಲ್ಲರೂ ಶಿಸ್ತು ಸಂಯಮದಿಂದ ವಿದ್ಯಾವಂತರು ಬುದ್ಧಿವಂತರಾಗಿ ಕ್ರೀಡೆಯಲ್ಲೂ ಆಸಕ್ತಿ ತೋರಬೇಕು.
■ ಗುರುಪರದೇಶೀಕೇಂದ್ರ ಸ್ವಾಮೀಜಿ, ರಂಗಾಪುರ ಸುಕ್ಷೇತ್ರ
ಕ್ರೀಡೆಯಲ್ಲಿ ಸೋಲು ಗೆಲುವು ಮುಖ್ಯವಲ್ಲ, ಕ್ರೀಡಾಸ್ಫೂರ್ತಿಯಿಂದ ಭಾಗವಹಿಸುವುದು ಮುಖ್ಯ. ದೈಹಿಕ ಸಾಮರ್ಥ್ಯ ವೃದ್ಧಿಗೆ ಕ್ರೀಡೆ ಅತ್ಯುತ್ತಮ ಸಾಧನವಾಗಿದೆ ಎಂದು ಗುರುಪರದೇಶೀಕೇಂದ್ರ ಸ್ವಾಮೀಜಿ ತಿಳಿಸಿದರು. ನಗರದ ಕ್ರೀಡಾಂಗಣದಲ್ಲಿ ಆಯೋಜಿಸಿದ್ದ ರಾಜ್ಯಮಟ್ಟದ ಹೊನಲು ಬೆಳಕಿನ ಖೋಖೋ ಚಾಂಪಿಯನ್‌ಶಿಪ್ ಪಂದ್ಯಾಟಕ್ಕೆ ಚಾಲನೆ ನೀಡಿ ಮಾತನಾಡಿದರು. ರಾಜ್ಯದ ವಿವಿಧ ಜಿಲ್ಲೆಗಳಿಂದ 39 ತಂಡಗಳು ಪಂದ್ಯಾವಳಿಯಲ್ಲಿ ಭಾಗವಹಿಸಿವೆ. ಗ್ರಾಮೀಣ ಕ್ರೀಡೆಗಳನ್ನು ಉಳಿಸಿ ಬೆಳೆಸುವ ನಿಟ್ಟಿನಲ್ಲಿ ಇಂತಹ ಪಂದ್ಯಾವಳಿಗಳು ಸಹಕಾರಿ. ಶಾಸಕರು, ಕ್ರೀಡಾ ಸಂಘಟಕರು, ಮುಖಂಡರು ಹಾಗೂ ಕ್ರೀಡಾಭಿಮಾನಿಗಳು ಉಪಸ್ಥಿತರಿದ್ದರು.
